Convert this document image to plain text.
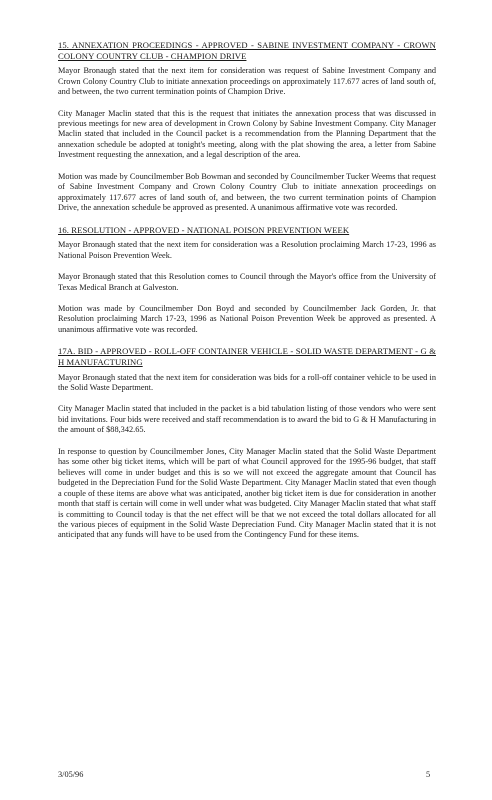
15. ANNEXATION PROCEEDINGS - APPROVED - SABINE INVESTMENT COMPANY - CROWN COLONY COUNTRY CLUB - CHAMPION DRIVE

Mayor Bronaugh stated that the next item for consideration was request of Sabine Investment Company and Crown Colony Country Club to initiate annexation proceedings on approximately 117.677 acres of land south of, and between, the two current termination points of Champion Drive.

City Manager Maclin stated that this is the request that initiates the annexation process that was discussed in previous meetings for new area of development in Crown Colony by Sabine Investment Company. City Manager Maclin stated that included in the Council packet is a recommendation from the Planning Department that the annexation schedule be adopted at tonight's meeting, along with the plat showing the area, a letter from Sabine Investment requesting the annexation, and a legal description of the area.

Motion was made by Councilmember Bob Bowman and seconded by Councilmember Tucker Weems that request of Sabine Investment Company and Crown Colony Country Club to initiate annexation proceedings on approximately 117.677 acres of land south of, and between, the two current termination points of Champion Drive, the annexation schedule be approved as presented. A unanimous affirmative vote was recorded.

16. RESOLUTION - APPROVED - NATIONAL POISON PREVENTION WEEK

Mayor Bronaugh stated that the next item for consideration was a Resolution proclaiming March 17-23, 1996 as National Poison Prevention Week.

Mayor Bronaugh stated that this Resolution comes to Council through the Mayor's office from the University of Texas Medical Branch at Galveston.

Motion was made by Councilmember Don Boyd and seconded by Councilmember Jack Gorden, Jr. that Resolution proclaiming March 17-23, 1996 as National Poison Prevention Week be approved as presented. A unanimous affirmative vote was recorded.

17A. BID - APPROVED - ROLL-OFF CONTAINER VEHICLE - SOLID WASTE DEPARTMENT - G & H MANUFACTURING

Mayor Bronaugh stated that the next item for consideration was bids for a roll-off container vehicle to be used in the Solid Waste Department.

City Manager Maclin stated that included in the packet is a bid tabulation listing of those vendors who were sent bid invitations. Four bids were received and staff recommendation is to award the bid to G & H Manufacturing in the amount of $88,342.65.

In response to question by Councilmember Jones, City Manager Maclin stated that the Solid Waste Department has some other big ticket items, which will be part of what Council approved for the 1995-96 budget, that staff believes will come in under budget and this is so we will not exceed the aggregate amount that Council has budgeted in the Depreciation Fund for the Solid Waste Department. City Manager Maclin stated that even though a couple of these items are above what was anticipated, another big ticket item is due for consideration in another month that staff is certain will come in well under what was budgeted. City Manager Maclin stated that what staff is committing to Council today is that the net effect will be that we not exceed the total dollars allocated for all the various pieces of equipment in the Solid Waste Depreciation Fund. City Manager Maclin stated that it is not anticipated that any funds will have to be used from the Contingency Fund for these items.

3/05/96	5
